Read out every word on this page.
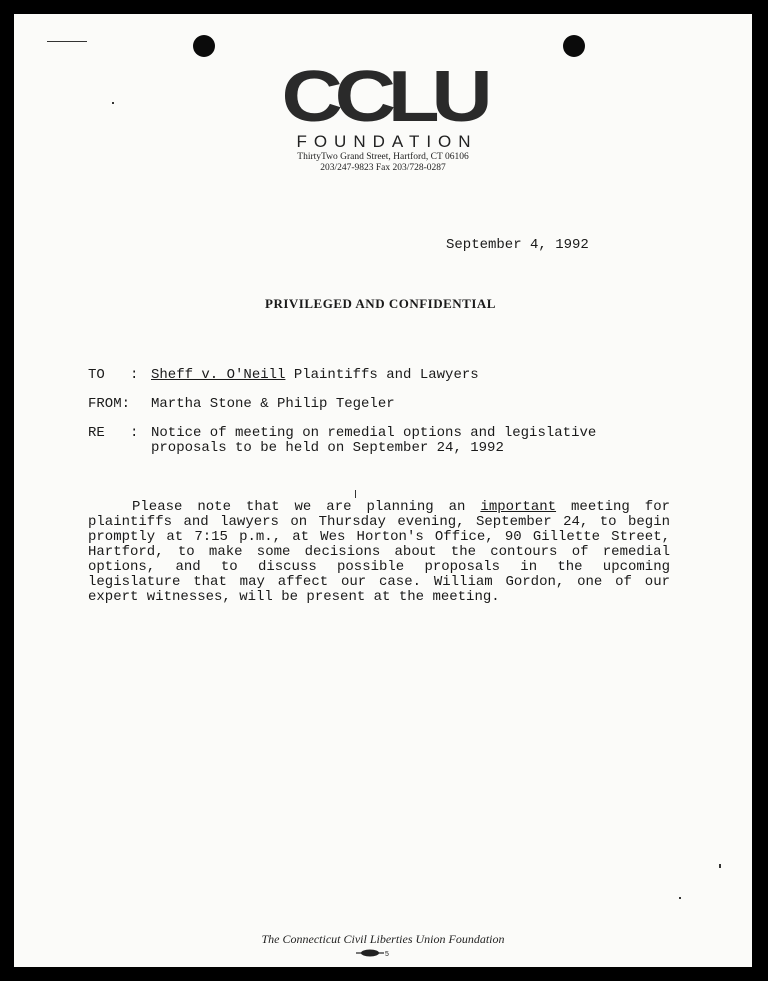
CCLU
FOUNDATION
ThirtyTwo Grand Street, Hartford, CT 06106
203/247-9823 Fax 203/728-0287
September 4, 1992
PRIVILEGED AND CONFIDENTIAL
TO   : Sheff v. O'Neill Plaintiffs and Lawyers
FROM: Martha Stone & Philip Tegeler
RE   : Notice of meeting on remedial options and legislative
proposals to be held on September 24, 1992
Please note that we are planning an important meeting for plaintiffs and lawyers on Thursday evening, September 24, to begin promptly at 7:15 p.m., at Wes Horton's Office, 90 Gillette Street, Hartford, to make some decisions about the contours of remedial options, and to discuss possible proposals in the upcoming legislature that may affect our case. William Gordon, one of our expert witnesses, will be present at the meeting.
The Connecticut Civil Liberties Union Foundation
5
